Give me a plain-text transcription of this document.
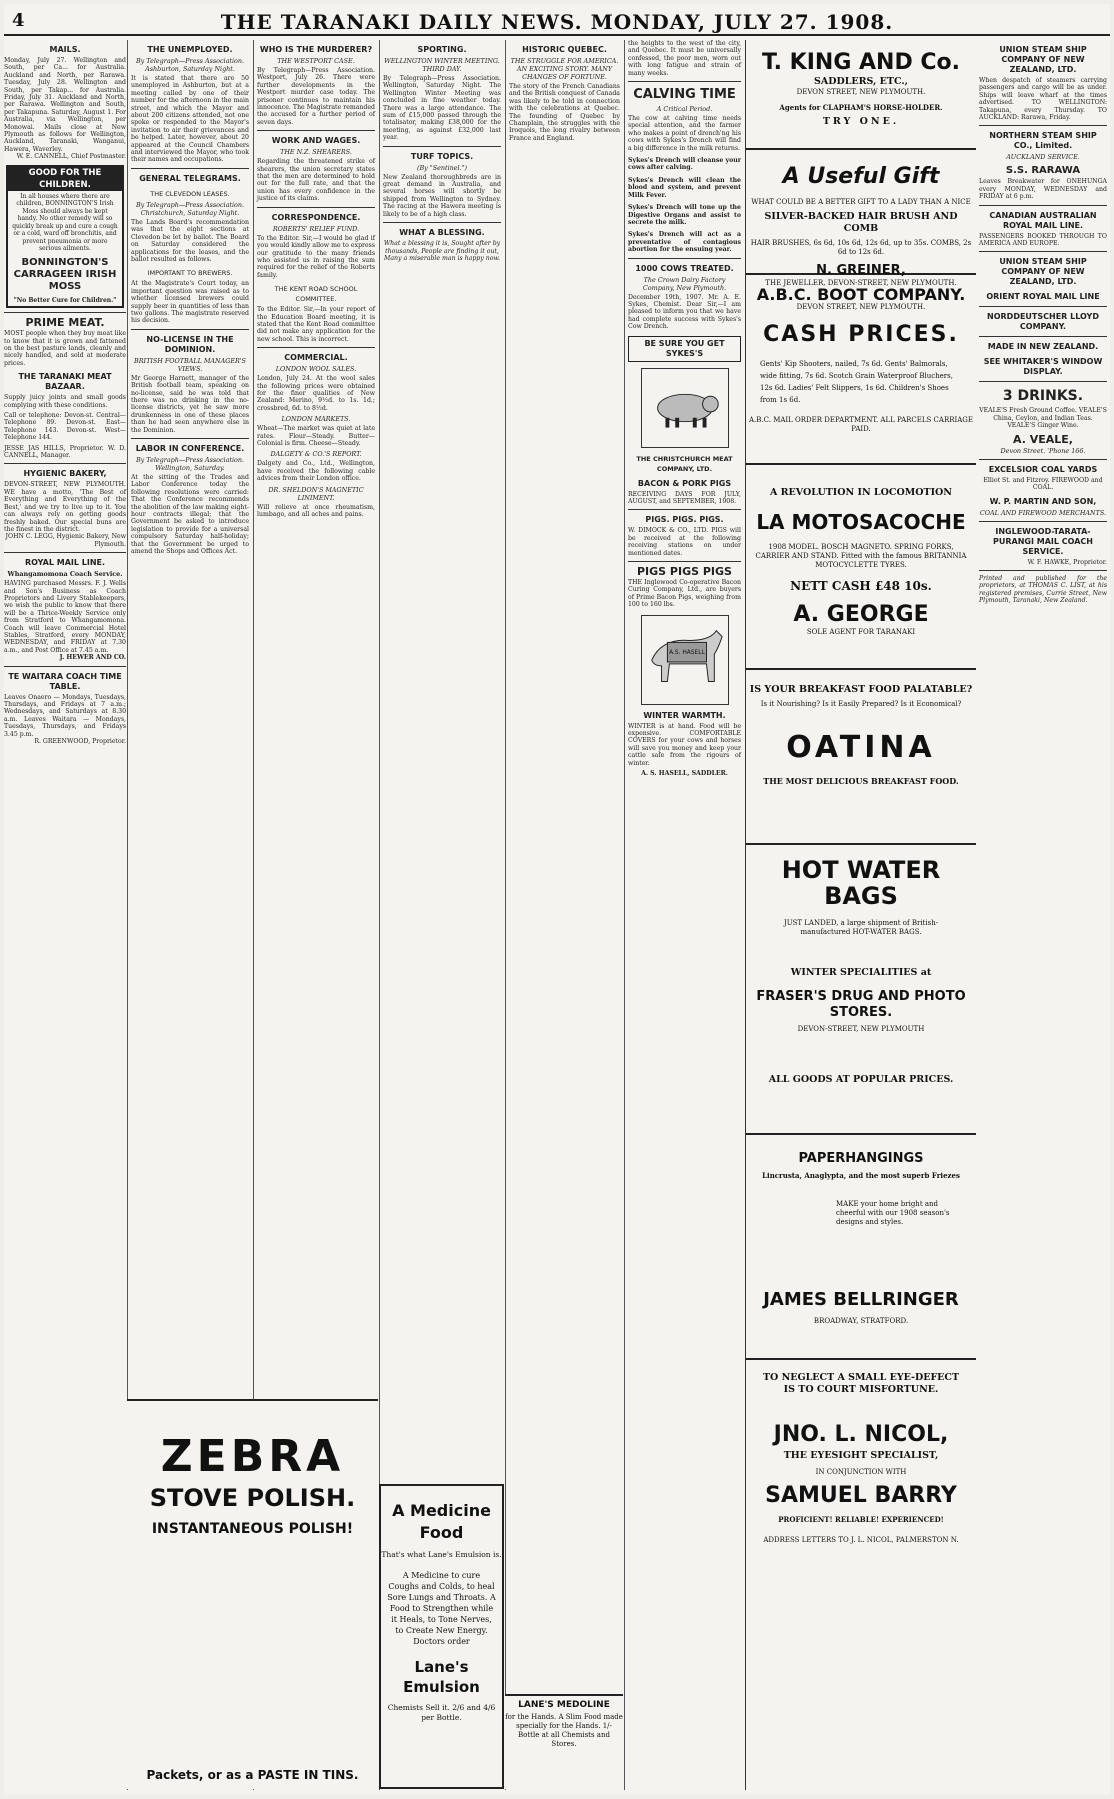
4	THE TARANAKI DAILY NEWS. MONDAY, JULY 27. 1908.
MAILS.
Monday, July 27. Wellington and South, per Ca... for Australia. Auckland and North, per Rarawa. Tuesday, July 28. Wellington and South, per Takap... for Australia. Friday, July 31. Auckland and North, per Rarawa. Wellington and South, per Takapuna. Saturday, August 1. For Australia, via Wellington, per Monowai. Mails close at New Plymouth as follows for Wellington, Auckland, Taranaki, Wanganui, Hawera, Waverley.
W. E. CANNELL, Chief Postmaster.
GOOD FOR THE CHILDREN.
In all houses where there are children, BONNINGTON'S Irish Moss should always be kept handy. No other remedy will so quickly break up and cure a cough or a cold, ward off bronchitis, and prevent pneumonia or more serious ailments.
BONNINGTON'S CARRAGEEN IRISH MOSS
"No Better Cure for Children."
PRIME MEAT.
MOST people when they buy meat like to know that it is grown and fattened on the best pasture lands, cleanly and nicely handled, and sold at moderate prices.
THE TARANAKI MEAT BAZAAR.
Supply juicy joints and small goods complying with these conditions.
Call or telephone: Devon-st. Central—Telephone 89. Devon-st. East—Telephone 143. Devon-st. West—Telephone 144.
JESSE JAS HILLS, Proprietor. W. D. CANNELL, Manager.
HYGIENIC BAKERY,
DEVON-STREET, NEW PLYMOUTH. WE have a motto, 'The Best of Everything and Everything of the Best,' and we try to live up to it. You can always rely on getting goods freshly baked. Our special buns are the finest in the district.
JOHN C. LEGG, Hygienic Bakery, New Plymouth.
ROYAL MAIL LINE.
Whangamomona Coach Service.
HAVING purchased Messrs. F. J. Wells and Son's Business as Coach Proprietors and Livery Stablekeepers, we wish the public to know that there will be a Thrice-Weekly Service only from Stratford to Whangamomona. Coach will leave Commercial Hotel Stables, Stratford, every MONDAY, WEDNESDAY, and FRIDAY at 7.30 a.m., and Post Office at 7.45 a.m.
J. HEWER AND CO.
TE WAITARA COACH TIME TABLE.
Leaves Onaero — Mondays, Tuesdays, Thursdays, and Fridays at 7 a.m.; Wednesdays, and Saturdays at 8.30 a.m. Leaves Waitara — Mondays, Tuesdays, Thursdays, and Fridays 3.45 p.m.
R. GREENWOOD, Proprietor.
THE UNEMPLOYED.
By Telegraph—Press Association. Ashburton, Saturday Night.
It is stated that there are 50 unemployed in Ashburton, but at a meeting called by one of their number for the afternoon in the main street, and which the Mayor and about 200 citizens attended, not one spoke or responded to the Mayor's invitation to air their grievances and be helped. Later, however, about 20 appeared at the Council Chambers and interviewed the Mayor, who took their names and occupations.
GENERAL TELEGRAMS.
THE CLEVEDON LEASES.
By Telegraph—Press Association. Christchurch, Saturday Night.
The Lands Board's recommendation was that the eight sections at Clevedon be let by ballot. The Board on Saturday considered the applications for the leases, and the ballot resulted as follows.
IMPORTANT TO BREWERS.
At the Magistrate's Court today, an important question was raised as to whether licensed brewers could supply beer in quantities of less than two gallons. The magistrate reserved his decision.
NO-LICENSE IN THE DOMINION.
BRITISH FOOTBALL MANAGER'S VIEWS.
Mr George Harnett, manager of the British football team, speaking on no-license, said he was told that there was no drinking in the no-license districts, yet he saw more drunkenness in one of these places than he had seen anywhere else in the Dominion.
LABOR IN CONFERENCE.
By Telegraph—Press Association. Wellington, Saturday.
At the sitting of the Trades and Labor Conference today the following resolutions were carried: That the Conference recommends the abolition of the law making eight-hour contracts illegal; that the Government be asked to introduce legislation to provide for a universal compulsory Saturday half-holiday; that the Government be urged to amend the Shops and Offices Act.
WHO IS THE MURDERER?
THE WESTPORT CASE.
By Telegraph—Press Association. Westport, July 26. There were further developments in the Westport murder case today. The prisoner continues to maintain his innocence. The Magistrate remanded the accused for a further period of seven days.
WORK AND WAGES.
THE N.Z. SHEARERS.
Regarding the threatened strike of shearers, the union secretary states that the men are determined to hold out for the full rate, and that the union has every confidence in the justice of its claims.
CORRESPONDENCE.
ROBERTS' RELIEF FUND.
To the Editor. Sir,—I would be glad if you would kindly allow me to express our gratitude to the many friends who assisted us in raising the sum required for the relief of the Roberts family.
THE KENT ROAD SCHOOL COMMITTEE.
To the Editor. Sir,—In your report of the Education Board meeting, it is stated that the Kent Road committee did not make any application for the new school. This is incorrect.
COMMERCIAL.
LONDON WOOL SALES.
London, July 24. At the wool sales the following prices were obtained for the finer qualities of New Zealand: Merino, 9½d. to 1s. 1d.; crossbred, 6d. to 8½d.
LONDON MARKETS.
Wheat—The market was quiet at late rates. Flour—Steady. Butter—Colonial is firm. Cheese—Steady.
DALGETY & CO.'S REPORT.
Dalgety and Co., Ltd., Wellington, have received the following cable advices from their London office.
DR. SHELDON'S MAGNETIC LINIMENT.
Will relieve at once rheumatism, lumbago, and all aches and pains.
SPORTING.
WELLINGTON WINTER MEETING. THIRD DAY.
By Telegraph—Press Association. Wellington, Saturday Night. The Wellington Winter Meeting was concluded in fine weather today. There was a large attendance. The sum of £15,000 passed through the totalisator, making £38,000 for the meeting, as against £32,000 last year.
TURF TOPICS.
(By "Sentinel.")
New Zealand thoroughbreds are in great demand in Australia, and several horses will shortly be shipped from Wellington to Sydney. The racing at the Hawera meeting is likely to be of a high class.
WHAT A BLESSING.
What a blessing it is, Sought after by thousands, People are finding it out, Many a miserable man is happy now.
HISTORIC QUEBEC.
THE STRUGGLE FOR AMERICA. AN EXCITING STORY. MANY CHANGES OF FORTUNE.
The story of the French Canadians and the British conquest of Canada was likely to be told in connection with the celebrations at Quebec. The founding of Quebec by Champlain, the struggles with the Iroquois, the long rivalry between France and England.
the heights to the west of the city, and Quebec. It must be universally confessed, the poor men, worn out with long fatigue and strain of many weeks.
CALVING TIME
A Critical Period.
The cow at calving time needs special attention, and the farmer who makes a point of drench'ng his cows with Sykes's Drench will find a big difference in the milk returns.
Sykes's Drench will cleanse your cows after calving.
Sykes's Drench will clean the blood and system, and prevent Milk Fever.
Sykes's Drench will tone up the Digestive Organs and assist to secrete the milk.
Sykes's Drench will act as a preventative of contagious abortion for the ensuing year.
1000 COWS TREATED.
The Crown Dairy Factory Company, New Plymouth.
December 19th, 1907. Mr. A. E. Sykes, Chemist. Dear Sir,—I am pleased to inform you that we have had complete success with Sykes's Cow Drench.
BE SURE YOU GET SYKES'S
THE CHRISTCHURCH MEAT COMPANY, LTD.
BACON & PORK PIGS
RECEIVING DAYS FOR JULY, AUGUST, and SEPTEMBER, 1908.
PIGS. PIGS. PIGS.
W. DIMOCK & CO., LTD. PIGS will be received at the following receiving stations on under mentioned dates.
PIGS PIGS PIGS
THE Inglewood Co-operative Bacon Curing Company, Ltd., are buyers of Prime Bacon Pigs, weighing from 100 to 160 lbs.
A.S. HASELL
WINTER WARMTH.
WINTER is at hand. Food will be expensive. COMFORTABLE COVERS for your cows and horses will save you money and keep your cattle safe from the rigours of winter.
A. S. HASELL, SADDLER.
T. KING AND Co.
SADDLERS, ETC.,
DEVON STREET, NEW PLYMOUTH.
Agents for CLAPHAM'S HORSE-HOLDER.
TRY ONE.
A Useful Gift
WHAT COULD BE A BETTER GIFT TO A LADY THAN A NICE
SILVER-BACKED HAIR BRUSH AND COMB
HAIR BRUSHES, 6s 6d, 10s 6d, 12s 6d, up to 35s. COMBS, 2s 6d to 12s 6d.
N. GREINER,
THE JEWELLER, DEVON-STREET, NEW PLYMOUTH.
A.B.C. BOOT COMPANY.
DEVON STREET, NEW PLYMOUTH.
CASH PRICES.
Gents' Kip Shooters, nailed, 7s 6d. Gents' Balmorals, wide fitting, 7s 6d. Scotch Grain Waterproof Bluchers, 12s 6d. Ladies' Felt Slippers, 1s 6d. Children's Shoes from 1s 6d.
A.B.C. MAIL ORDER DEPARTMENT. ALL PARCELS CARRIAGE PAID.
A REVOLUTION IN LOCOMOTION
LA MOTOSACOCHE
1908 MODEL. BOSCH MAGNETO. SPRING FORKS, CARRIER AND STAND. Fitted with the famous BRITANNIA MOTOCYCLETTE TYRES.
NETT CASH £48 10s.
A. GEORGE
SOLE AGENT FOR TARANAKI
IS YOUR BREAKFAST FOOD PALATABLE?
Is it Nourishing? Is it Easily Prepared? Is it Economical?
OATINA
THE MOST DELICIOUS BREAKFAST FOOD.
HOT WATER BAGS
JUST LANDED, a large shipment of British-manufactured HOT-WATER BAGS.
WINTER SPECIALITIES at
FRASER'S DRUG AND PHOTO STORES.
DEVON-STREET, NEW PLYMOUTH
ALL GOODS AT POPULAR PRICES.
PAPERHANGINGS
Lincrusta, Anaglypta, and the most superb Friezes
MAKE your home bright and cheerful with our 1908 season's designs and styles.
JAMES BELLRINGER
BROADWAY, STRATFORD.
TO NEGLECT A SMALL EYE-DEFECT IS TO COURT MISFORTUNE.
JNO. L. NICOL,
THE EYESIGHT SPECIALIST,
IN CONJUNCTION WITH
SAMUEL BARRY
PROFICIENT! RELIABLE! EXPERIENCED!
ADDRESS LETTERS TO J. L. NICOL, PALMERSTON N.
UNION STEAM SHIP COMPANY OF NEW ZEALAND, LTD.
When despatch of steamers carrying passengers and cargo will be as under. Ships will leave wharf at the times advertised. TO WELLINGTON: Takapuna, every Thursday. TO AUCKLAND: Rarawa, Friday.
NORTHERN STEAM SHIP CO., Limited.
AUCKLAND SERVICE.
S.S. RARAWA
Leaves Breakwater for ONEHUNGA every MONDAY, WEDNESDAY and FRIDAY at 6 p.m.
CANADIAN AUSTRALIAN ROYAL MAIL LINE.
PASSENGERS BOOKED THROUGH TO AMERICA AND EUROPE.
UNION STEAM SHIP COMPANY OF NEW ZEALAND, LTD.
ORIENT ROYAL MAIL LINE
NORDDEUTSCHER LLOYD COMPANY.
MADE IN NEW ZEALAND.
SEE WHITAKER'S WINDOW DISPLAY.
3 DRINKS.
VEALE'S Fresh Ground Coffee. VEALE'S China, Ceylon, and Indian Teas. VEALE'S Ginger Wine.
A. VEALE,
Devon Street. 'Phone 166.
EXCELSIOR COAL YARDS
Elliot St. and Fitzroy. FIREWOOD and COAL.
W. P. MARTIN AND SON,
COAL AND FIREWOOD MERCHANTS.
INGLEWOOD-TARATA-PURANGI MAIL COACH SERVICE.
W. F. HAWKE, Proprietor.
Printed and published for the proprietors, at THOMAS C. LIST, at his registered premises, Currie Street, New Plymouth, Taranaki, New Zealand.
ZEBRA
STOVE POLISH.
INSTANTANEOUS POLISH!
Packets, or as a PASTE IN TINS.
A Medicine Food
That's what Lane's Emulsion is.
A Medicine to cure Coughs and Colds, to heal Sore Lungs and Throats. A Food to Strengthen while it Heals, to Tone Nerves, to Create New Energy. Doctors order
Lane's Emulsion
Chemists Sell it. 2/6 and 4/6 per Bottle.
LANE'S MEDOLINE
for the Hands. A Slim Food made specially for the Hands. 1/- Bottle at all Chemists and Stores.
